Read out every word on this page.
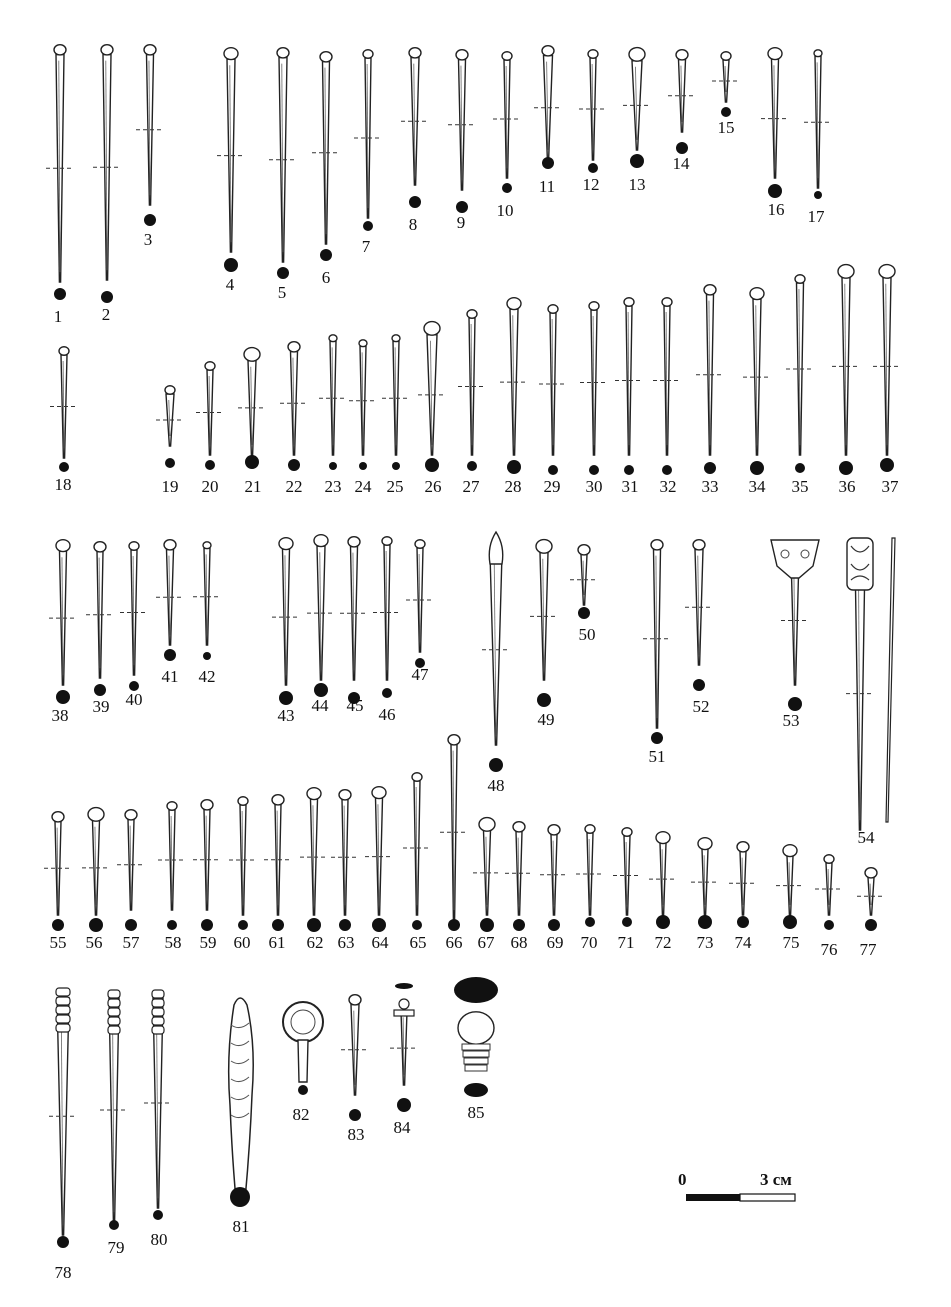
1 2
3
4	5
6
7
8 9
10
11 12 13
14
15
16 17
18	19 20 21 22 23 24 25 26 27 28 29 30 31 32 33 34 35 36 37
38 39 40
41 42
43
44 45 46
47
48
49
50
51
52
53
54
55 56 57 58 59 60 61 62 63 64 65 66 67 68 69 70 71 72 73 74 75 76 77
78
79 80
81
82
83 84
85
0	3 см
